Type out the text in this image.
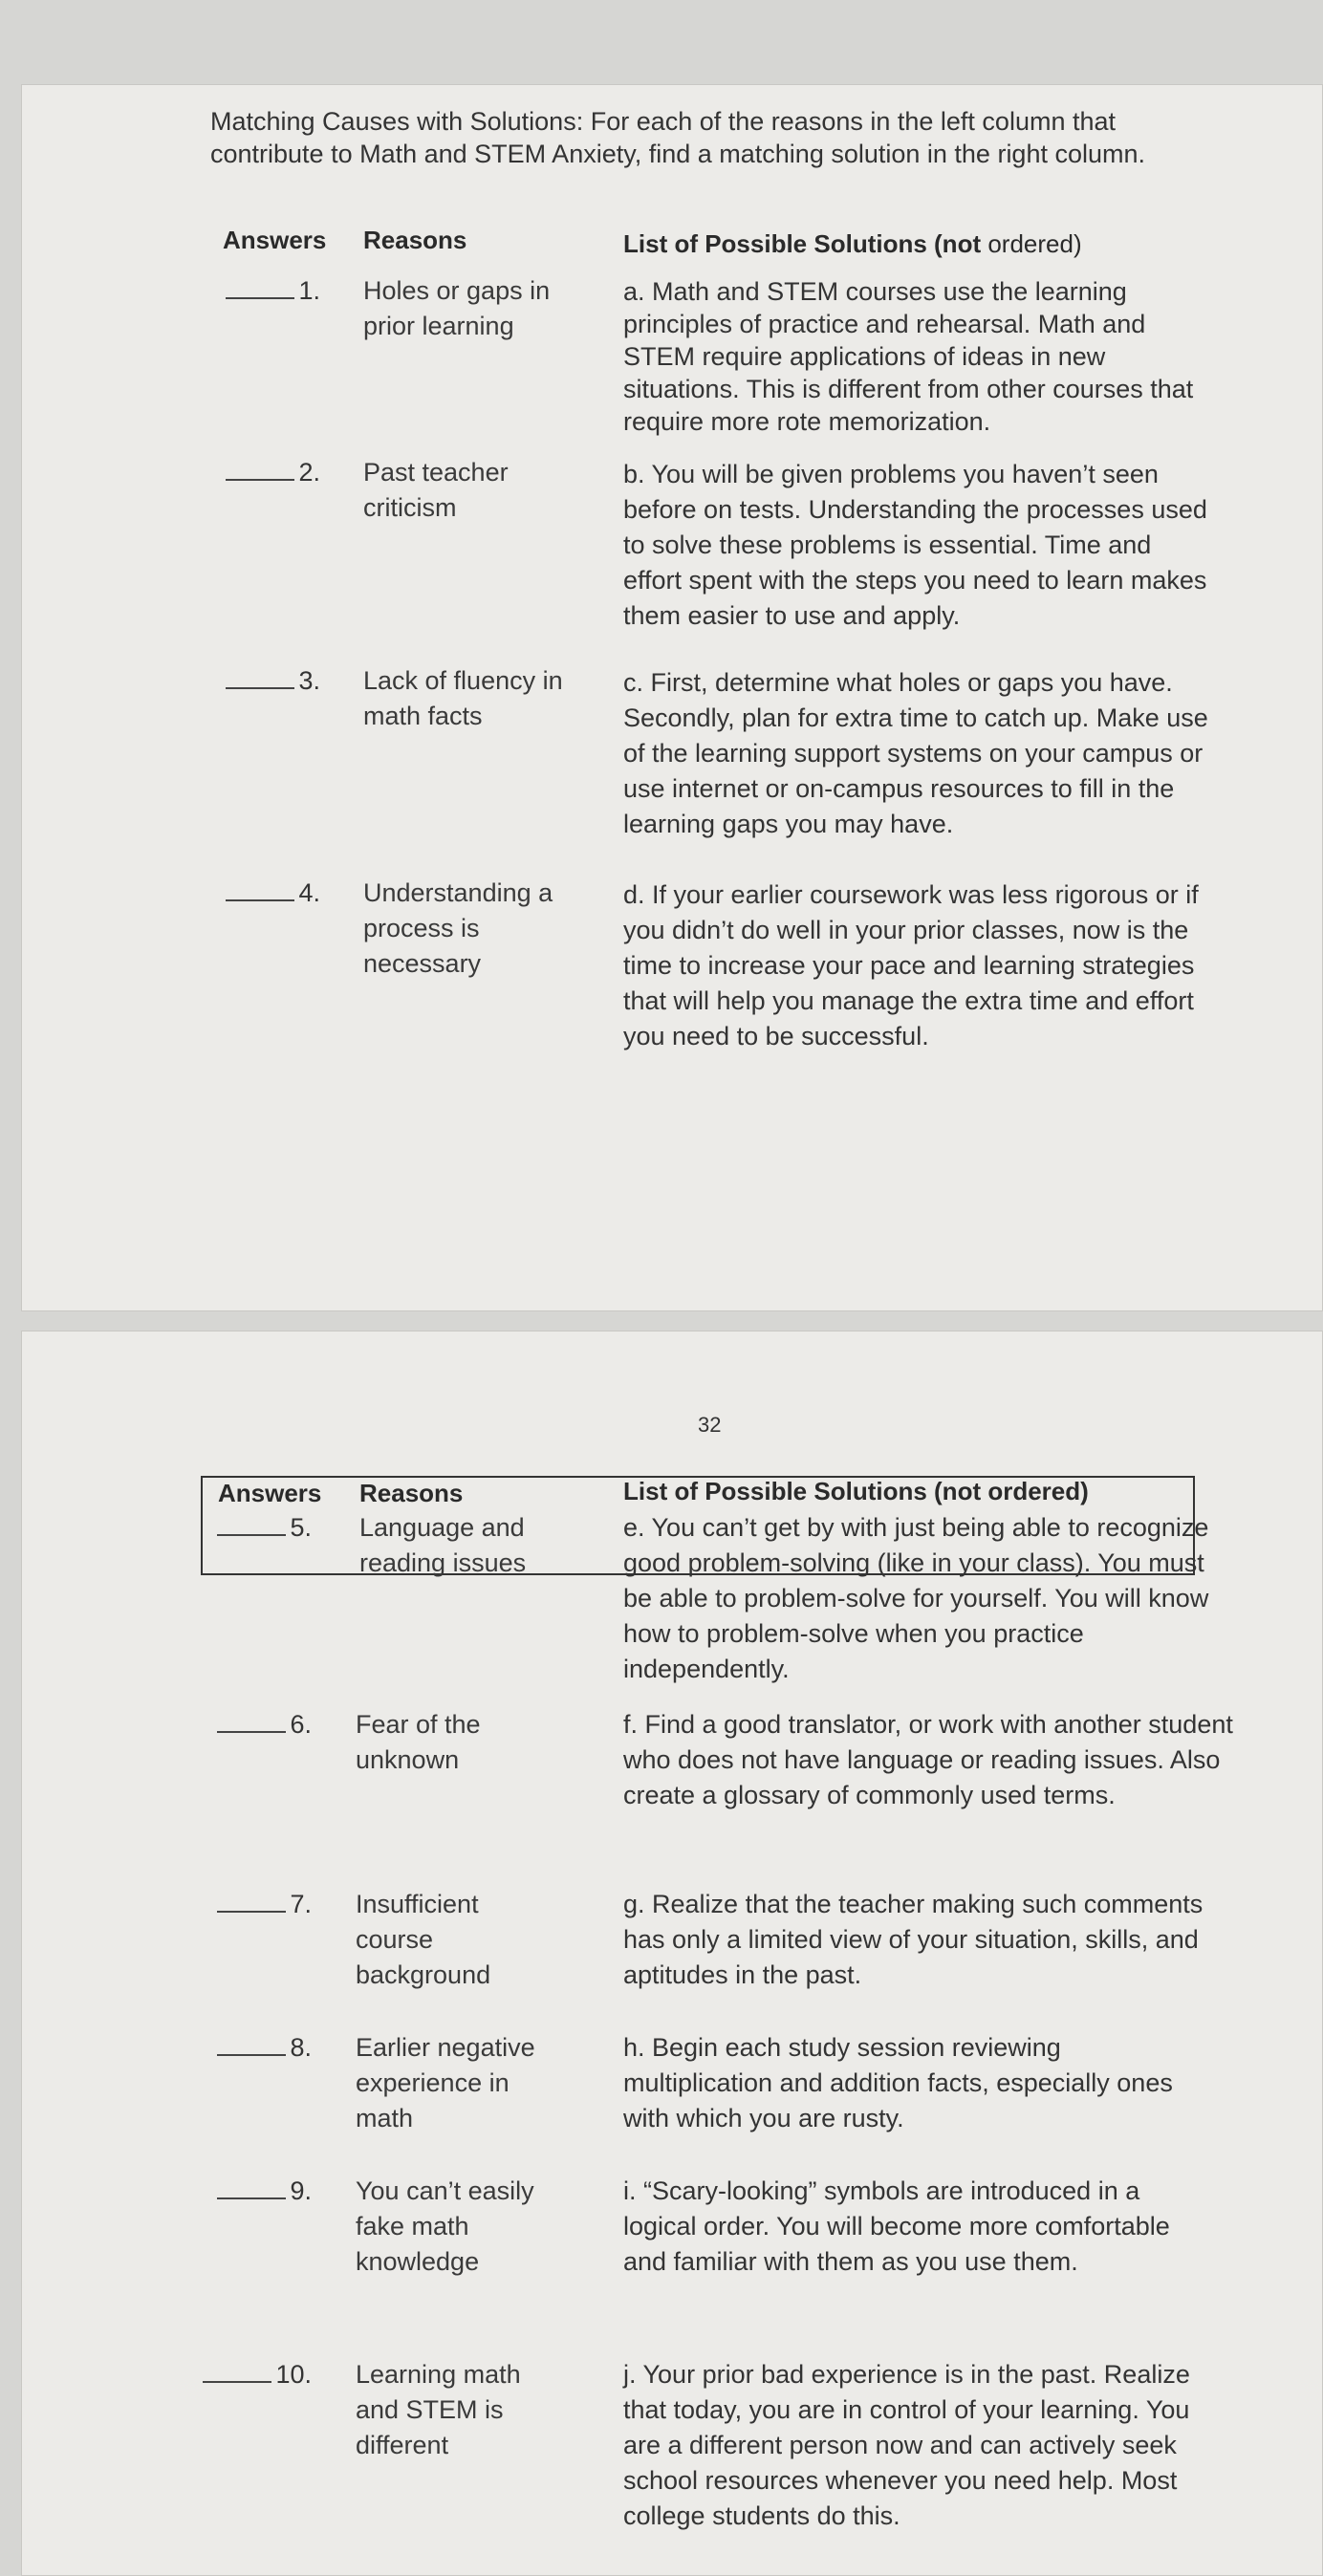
Matching Causes with Solutions: For each of the reasons in the left column that contribute to Math and STEM Anxiety, find a matching solution in the right column.
Answers Reasons	List of Possible Solutions (not ordered)
1. Holes or gaps in prior learning
a. Math and STEM courses use the learning principles of practice and rehearsal. Math and STEM require applications of ideas in new situations. This is different from other courses that require more rote memorization.
2. Past teacher criticism
b. You will be given problems you haven’t seen before on tests. Understanding the processes used to solve these problems is essential. Time and effort spent with the steps you need to learn makes them easier to use and apply.
3. Lack of fluency in math facts
c. First, determine what holes or gaps you have. Secondly, plan for extra time to catch up. Make use of the learning support systems on your campus or use internet or on-campus resources to fill in the learning gaps you may have.
4. Understanding a process is necessary
d. If your earlier coursework was less rigorous or if you didn’t do well in your prior classes, now is the time to increase your pace and learning strategies that will help you manage the extra time and effort you need to be successful.
32
Answers Reasons	List of Possible Solutions (not ordered)
5. Language and reading issues
e. You can’t get by with just being able to recognize good problem-solving (like in your class). You must be able to problem-solve for yourself. You will know how to problem-solve when you practice independently.
6. Fear of the unknown
f. Find a good translator, or work with another student who does not have language or reading issues. Also create a glossary of commonly used terms.
7. Insufficient course background
g. Realize that the teacher making such comments has only a limited view of your situation, skills, and aptitudes in the past.
8. Earlier negative experience in math
h. Begin each study session reviewing multiplication and addition facts, especially ones with which you are rusty.
9. You can’t easily fake math knowledge
i. “Scary-looking” symbols are introduced in a logical order. You will become more comfortable and familiar with them as you use them.
10. Learning math and STEM is different
j. Your prior bad experience is in the past. Realize that today, you are in control of your learning. You are a different person now and can actively seek school resources whenever you need help. Most college students do this.
